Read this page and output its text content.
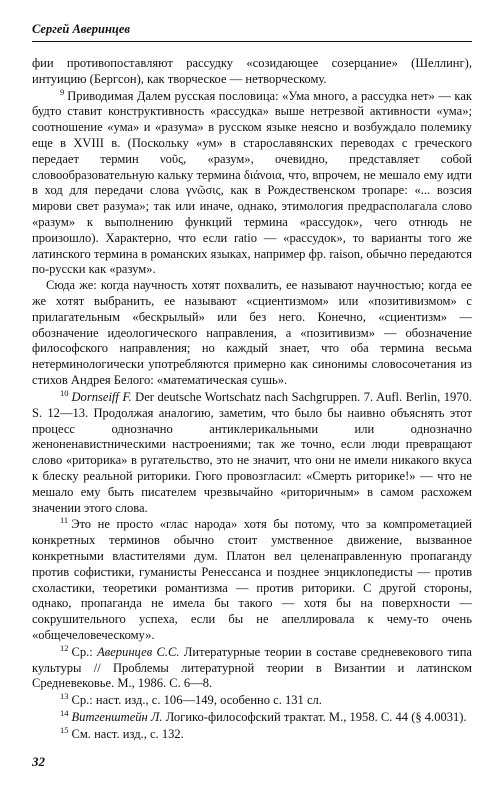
Сергей Аверинцев

фии противопоставляют рассудку «созидающее созерцание» (Шеллинг), интуицию (Бергсон), как творческое — нетворческому.

9 Приводимая Далем русская пословица: «Ума много, а рассудка нет» — как будто ставит конструктивность «рассудка» выше нетрезвой активности «ума»; соотношение «ума» и «разума» в русском языке неясно и возбуждало полемику еще в XVIII в. (Поскольку «ум» в старославянских переводах с греческого передает термин νοῦς, «разум», очевидно, представляет собой словообразовательную кальку термина διάνοια, что, впрочем, не мешало ему идти в ход для передачи слова γνῶσις, как в Рождественском тропаре: «... возсия мирови свет разума»; так или иначе, однако, этимология предрасполагала слово «разум» к выполнению функций термина «рассудок», чего отнюдь не произошло). Характерно, что если ratio — «рассудок», то варианты того же латинского термина в романских языках, например фр. raison, обычно передаются по-русски как «разум».

Сюда же: когда научность хотят похвалить, ее называют научностью; когда ее же хотят выбранить, ее называют «сциентизмом» или «позитивизмом» с прилагательным «бескрылый» или без него. Конечно, «сциентизм» — обозначение идеологического направления, а «позитивизм» — обозначение философского направления; но каждый знает, что оба термина весьма нетерминологически употребляются примерно как синонимы словосочетания из стихов Андрея Белого: «математическая сушь».

10 Dornseiff F. Der deutsche Wortschatz nach Sachgruppen. 7. Aufl. Berlin, 1970. S. 12—13. Продолжая аналогию, заметим, что было бы наивно объяснять этот процесс однозначно антиклерикальными или однозначно женоненавистническими настроениями; так же точно, если люди превращают слово «риторика» в ругательство, это не значит, что они не имели никакого вкуса к блеску реальной риторики. Гюго провозгласил: «Смерть риторике!» — что не мешало ему быть писателем чрезвычайно «риторичным» в самом расхожем значении этого слова.

11 Это не просто «глас народа» хотя бы потому, что за компрометацией конкретных терминов обычно стоит умственное движение, вызванное конкретными властителями дум. Платон вел целенаправленную пропаганду против софистики, гуманисты Ренессанса и позднее энциклопедисты — против схоластики, теоретики романтизма — против риторики. С другой стороны, однако, пропаганда не имела бы такого — хотя бы на поверхности — сокрушительного успеха, если бы не апеллировала к чему-то очень «общечеловеческому».

12 Ср.: Аверинцев С.С. Литературные теории в составе средневекового типа культуры // Проблемы литературной теории в Византии и латинском Средневековье. М., 1986. С. 6—8.

13 Ср.: наст. изд., с. 106—149, особенно с. 131 сл.

14 Витгенштейн Л. Логико-философский трактат. М., 1958. С. 44 (§ 4.0031).

15 См. наст. изд., с. 132.

32
